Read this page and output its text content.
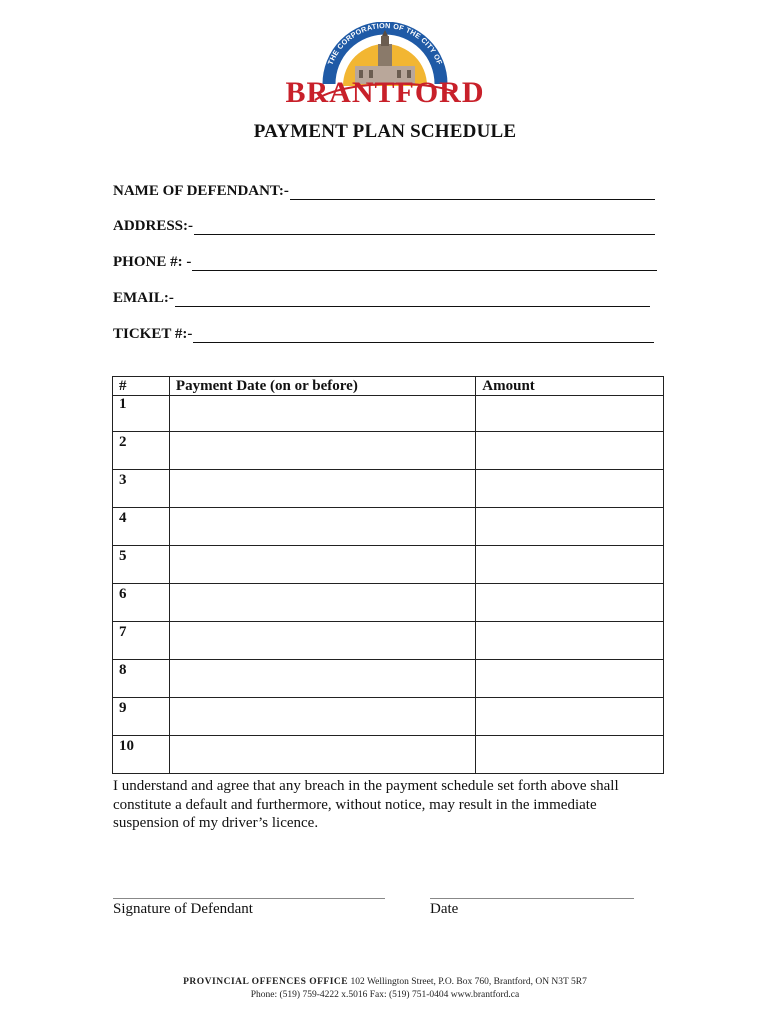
THE CORPORATION OF THE CITY OF
BRANTFORD
PAYMENT PLAN SCHEDULE
NAME OF DEFENDANT:-
ADDRESS:-
PHONE #: -
EMAIL:-
TICKET #:-
#	Payment Date (on or before)	Amount
1		
2		
3		
4		
5		
6		
7		
8		
9		
10		
I understand and agree that any breach in the payment schedule set forth above shall constitute a default and furthermore, without notice, may result in the immediate suspension of my driver’s licence.
Signature of Defendant	Date
PROVINCIAL OFFENCES OFFICE 102 Wellington Street, P.O. Box 760, Brantford, ON N3T 5R7
Phone: (519) 759-4222 x.5016 Fax: (519) 751-0404 www.brantford.ca
